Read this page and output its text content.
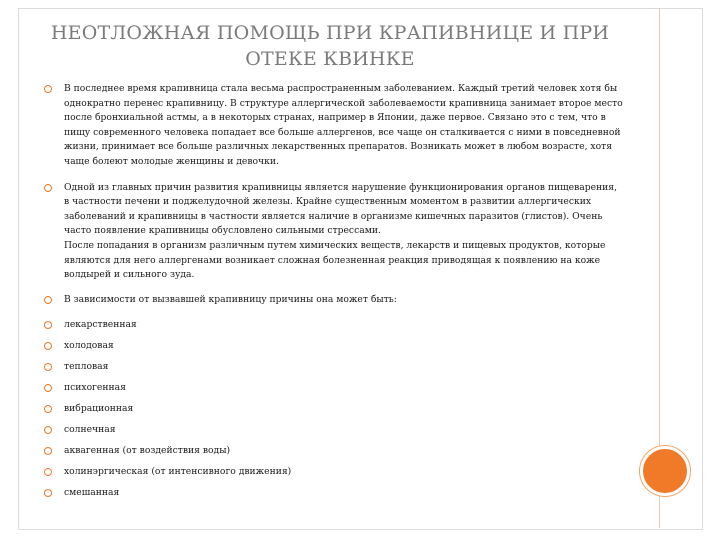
НЕОТЛОЖНАЯ ПОМОЩЬ ПРИ КРАПИВНИЦЕ И ПРИ ОТЕКЕ КВИНКЕ
В последнее время крапивница стала весьма распространенным заболеванием. Каждый третий человек хотя бы однократно перенес крапивницу. В структуре аллергической заболеваемости крапивница занимает второе место после бронхиальной астмы, а в некоторых странах, например в Японии, даже первое. Связано это с тем, что в пищу современного человека попадает все больше аллергенов, все чаще он сталкивается с ними в повседневной жизни, принимает все больше различных лекарственных препаратов. Возникать может в любом возрасте, хотя чаще болеют молодые женщины и девочки.
Одной из главных причин развития крапивницы является нарушение функционирования органов пищеварения, в частности печени и поджелудочной железы. Крайне существенным моментом в развитии аллергических заболеваний и крапивницы в частности является наличие в организме кишечных паразитов (глистов). Очень часто появление крапивницы обусловлено сильными стрессами.
После попадания в организм различным путем химических веществ, лекарств и пищевых продуктов, которые являются для него аллергенами возникает сложная болезненная реакция приводящая к появлению на коже волдырей и сильного зуда.
В зависимости от вызвавшей крапивницу причины она может быть:
лекарственная
холодовая
тепловая
психогенная
вибрационная
солнечная
аквагенная (от воздействия воды)
холинэргическая (от интенсивного движения)
смешанная
